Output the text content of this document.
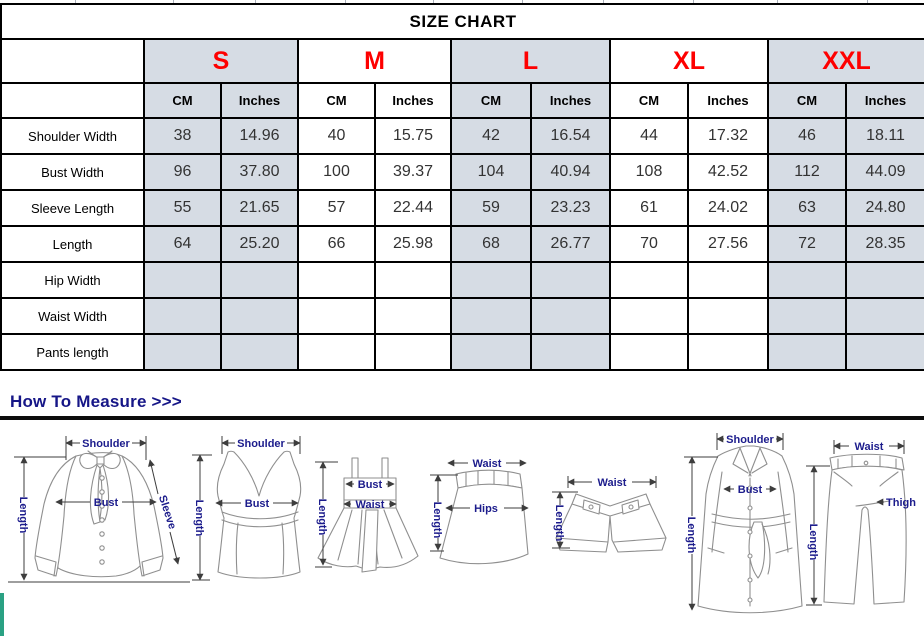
SIZE CHART										
	S		M		L		XL		XXL	
	CM	Inches	CM	Inches	CM	Inches	CM	Inches	CM	Inches
Shoulder Width	38	14.96	40	15.75	42	16.54	44	17.32	46	18.11
Bust Width	96	37.80	100	39.37	104	40.94	108	42.52	112	44.09
Sleeve Length	55	21.65	57	22.44	59	23.23	61	24.02	63	24.80
Length	64	25.20	66	25.98	68	26.77	70	27.56	72	28.35
Hip Width										
Waist Width										
Pants length										
How To Measure >>>
Shoulder
Length	Bust	Sleeve
Shoulder
Length	Bust	Length
Bust
Waist
Waist
Length	Hips
Waist
Length
Shoulder
Length
Bust
Waist
Length
Thigh
